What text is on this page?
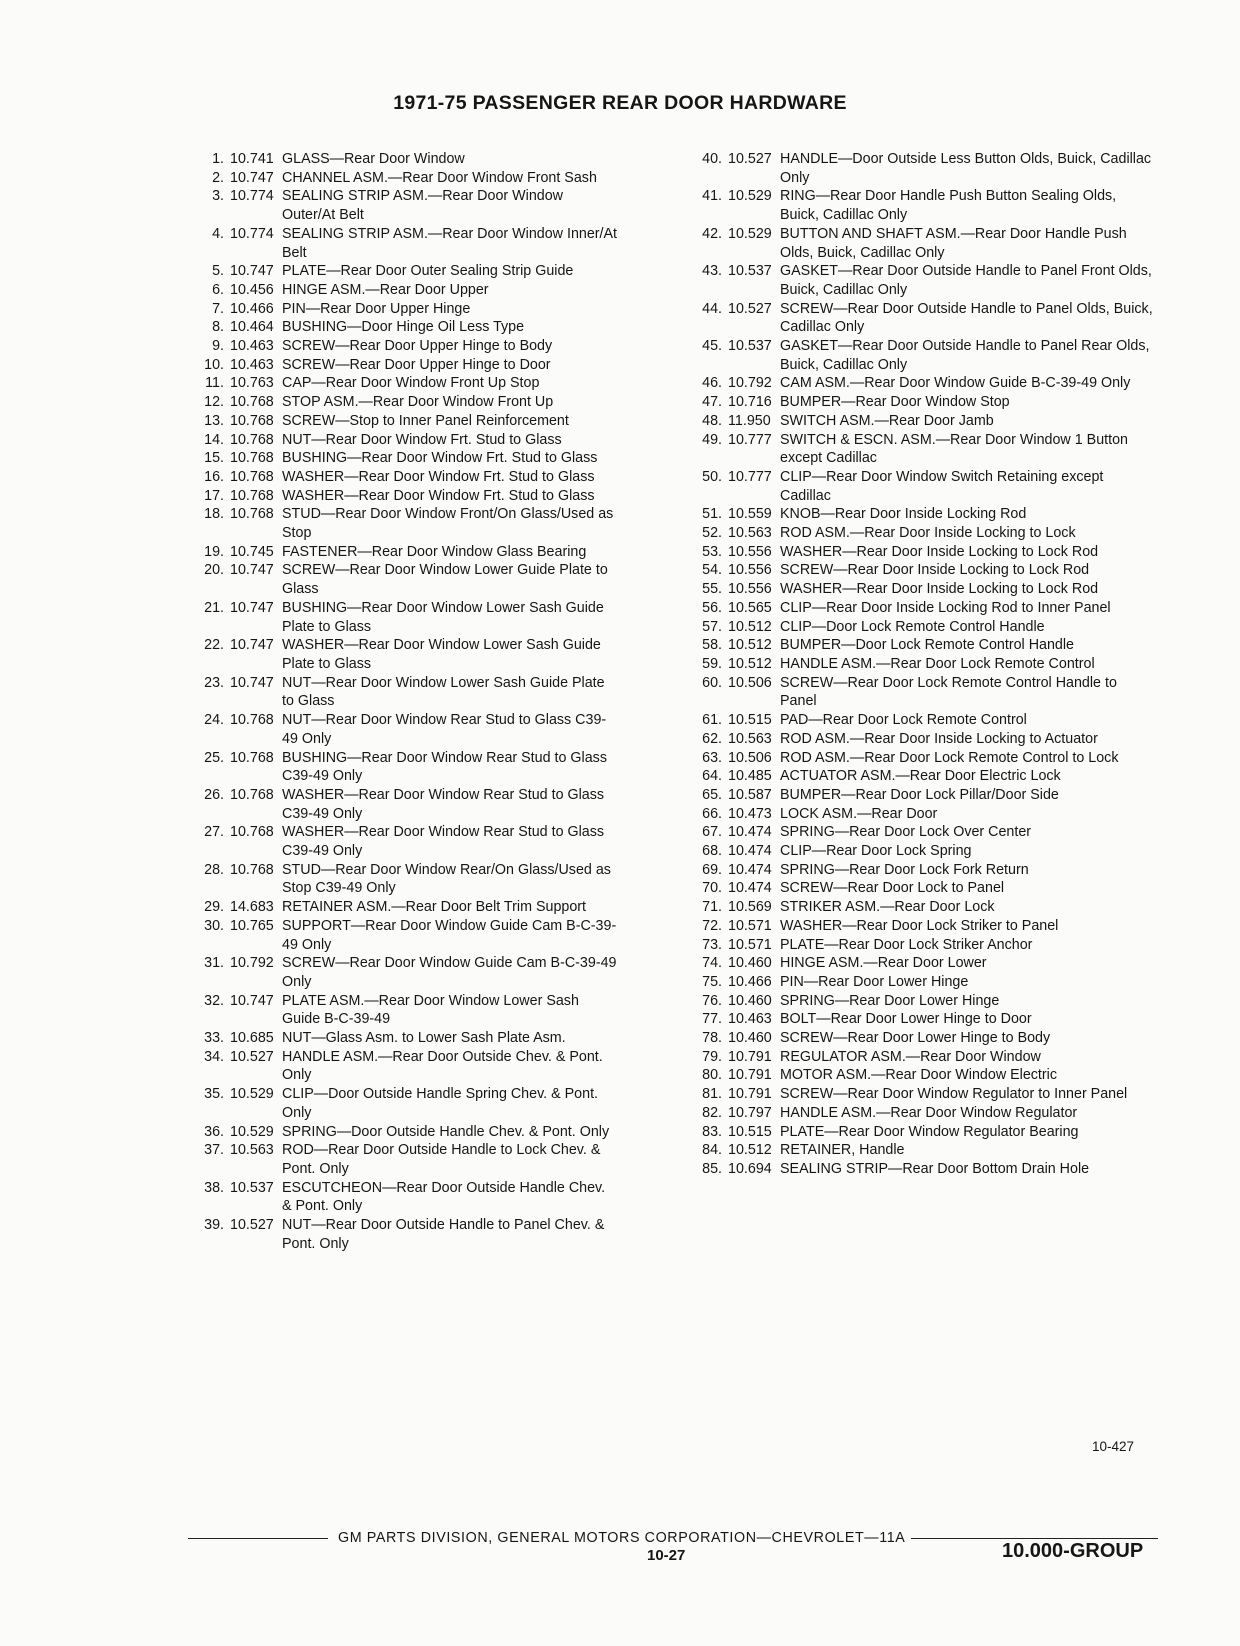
1971-75 PASSENGER REAR DOOR HARDWARE
1. 10.741 GLASS—Rear Door Window
2. 10.747 CHANNEL ASM.—Rear Door Window Front Sash
3. 10.774 SEALING STRIP ASM.—Rear Door Window Outer/At Belt
4. 10.774 SEALING STRIP ASM.—Rear Door Window Inner/At Belt
5. 10.747 PLATE—Rear Door Outer Sealing Strip Guide
6. 10.456 HINGE ASM.—Rear Door Upper
7. 10.466 PIN—Rear Door Upper Hinge
8. 10.464 BUSHING—Door Hinge Oil Less Type
9. 10.463 SCREW—Rear Door Upper Hinge to Body
10. 10.463 SCREW—Rear Door Upper Hinge to Door
11. 10.763 CAP—Rear Door Window Front Up Stop
12. 10.768 STOP ASM.—Rear Door Window Front Up
13. 10.768 SCREW—Stop to Inner Panel Reinforcement
14. 10.768 NUT—Rear Door Window Frt. Stud to Glass
15. 10.768 BUSHING—Rear Door Window Frt. Stud to Glass
16. 10.768 WASHER—Rear Door Window Frt. Stud to Glass
17. 10.768 WASHER—Rear Door Window Frt. Stud to Glass
18. 10.768 STUD—Rear Door Window Front/On Glass/Used as Stop
19. 10.745 FASTENER—Rear Door Window Glass Bearing
20. 10.747 SCREW—Rear Door Window Lower Guide Plate to Glass
21. 10.747 BUSHING—Rear Door Window Lower Sash Guide Plate to Glass
22. 10.747 WASHER—Rear Door Window Lower Sash Guide Plate to Glass
23. 10.747 NUT—Rear Door Window Lower Sash Guide Plate to Glass
24. 10.768 NUT—Rear Door Window Rear Stud to Glass C39-49 Only
25. 10.768 BUSHING—Rear Door Window Rear Stud to Glass C39-49 Only
26. 10.768 WASHER—Rear Door Window Rear Stud to Glass C39-49 Only
27. 10.768 WASHER—Rear Door Window Rear Stud to Glass C39-49 Only
28. 10.768 STUD—Rear Door Window Rear/On Glass/Used as Stop C39-49 Only
29. 14.683 RETAINER ASM.—Rear Door Belt Trim Support
30. 10.765 SUPPORT—Rear Door Window Guide Cam B-C-39-49 Only
31. 10.792 SCREW—Rear Door Window Guide Cam B-C-39-49 Only
32. 10.747 PLATE ASM.—Rear Door Window Lower Sash Guide B-C-39-49
33. 10.685 NUT—Glass Asm. to Lower Sash Plate Asm.
34. 10.527 HANDLE ASM.—Rear Door Outside Chev. & Pont. Only
35. 10.529 CLIP—Door Outside Handle Spring Chev. & Pont. Only
36. 10.529 SPRING—Door Outside Handle Chev. & Pont. Only
37. 10.563 ROD—Rear Door Outside Handle to Lock Chev. & Pont. Only
38. 10.537 ESCUTCHEON—Rear Door Outside Handle Chev. & Pont. Only
39. 10.527 NUT—Rear Door Outside Handle to Panel Chev. & Pont. Only
40. 10.527 HANDLE—Door Outside Less Button Olds, Buick, Cadillac Only
41. 10.529 RING—Rear Door Handle Push Button Sealing Olds, Buick, Cadillac Only
42. 10.529 BUTTON AND SHAFT ASM.—Rear Door Handle Push Olds, Buick, Cadillac Only
43. 10.537 GASKET—Rear Door Outside Handle to Panel Front Olds, Buick, Cadillac Only
44. 10.527 SCREW—Rear Door Outside Handle to Panel Olds, Buick, Cadillac Only
45. 10.537 GASKET—Rear Door Outside Handle to Panel Rear Olds, Buick, Cadillac Only
46. 10.792 CAM ASM.—Rear Door Window Guide B-C-39-49 Only
47. 10.716 BUMPER—Rear Door Window Stop
48. 11.950 SWITCH ASM.—Rear Door Jamb
49. 10.777 SWITCH & ESCN. ASM.—Rear Door Window 1 Button except Cadillac
50. 10.777 CLIP—Rear Door Window Switch Retaining except Cadillac
51. 10.559 KNOB—Rear Door Inside Locking Rod
52. 10.563 ROD ASM.—Rear Door Inside Locking to Lock
53. 10.556 WASHER—Rear Door Inside Locking to Lock Rod
54. 10.556 SCREW—Rear Door Inside Locking to Lock Rod
55. 10.556 WASHER—Rear Door Inside Locking to Lock Rod
56. 10.565 CLIP—Rear Door Inside Locking Rod to Inner Panel
57. 10.512 CLIP—Door Lock Remote Control Handle
58. 10.512 BUMPER—Door Lock Remote Control Handle
59. 10.512 HANDLE ASM.—Rear Door Lock Remote Control
60. 10.506 SCREW—Rear Door Lock Remote Control Handle to Panel
61. 10.515 PAD—Rear Door Lock Remote Control
62. 10.563 ROD ASM.—Rear Door Inside Locking to Actuator
63. 10.506 ROD ASM.—Rear Door Lock Remote Control to Lock
64. 10.485 ACTUATOR ASM.—Rear Door Electric Lock
65. 10.587 BUMPER—Rear Door Lock Pillar/Door Side
66. 10.473 LOCK ASM.—Rear Door
67. 10.474 SPRING—Rear Door Lock Over Center
68. 10.474 CLIP—Rear Door Lock Spring
69. 10.474 SPRING—Rear Door Lock Fork Return
70. 10.474 SCREW—Rear Door Lock to Panel
71. 10.569 STRIKER ASM.—Rear Door Lock
72. 10.571 WASHER—Rear Door Lock Striker to Panel
73. 10.571 PLATE—Rear Door Lock Striker Anchor
74. 10.460 HINGE ASM.—Rear Door Lower
75. 10.466 PIN—Rear Door Lower Hinge
76. 10.460 SPRING—Rear Door Lower Hinge
77. 10.463 BOLT—Rear Door Lower Hinge to Door
78. 10.460 SCREW—Rear Door Lower Hinge to Body
79. 10.791 REGULATOR ASM.—Rear Door Window
80. 10.791 MOTOR ASM.—Rear Door Window Electric
81. 10.791 SCREW—Rear Door Window Regulator to Inner Panel
82. 10.797 HANDLE ASM.—Rear Door Window Regulator
83. 10.515 PLATE—Rear Door Window Regulator Bearing
84. 10.512 RETAINER, Handle
85. 10.694 SEALING STRIP—Rear Door Bottom Drain Hole
10-427
GM PARTS DIVISION, GENERAL MOTORS CORPORATION—CHEVROLET—11A
10-27	10.000-GROUP
